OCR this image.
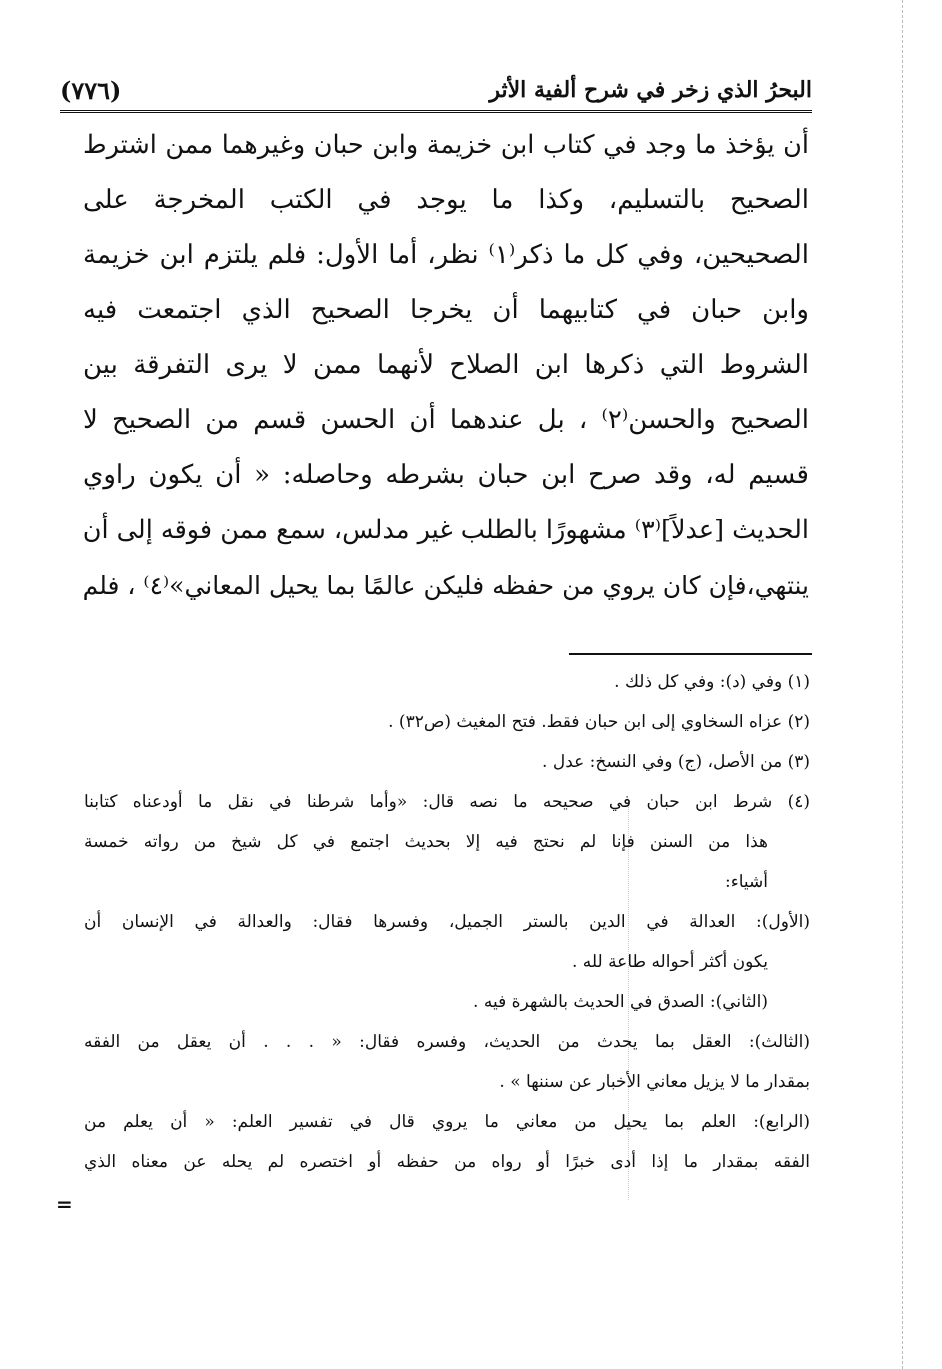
البحرُ الذي زخر في شرح ألفية الأثر
(٧٧٦)
أن يؤخذ ما وجد في كتاب ابن خزيمة وابن حبان وغيرهما ممن اشترط
الصحيح بالتسليم، وكذا ما يوجد في الكتب المخرجة على
الصحيحين، وفي كل ما ذكر⁽١⁾ نظر، أما الأول: فلم يلتزم ابن خزيمة
وابن حبان في كتابيهما أن يخرجا الصحيح الذي اجتمعت فيه
الشروط التي ذكرها ابن الصلاح لأنهما ممن لا يرى التفرقة بين
الصحيح والحسن⁽٢⁾ ، بل عندهما أن الحسن قسم من الصحيح لا
قسيم له، وقد صرح ابن حبان بشرطه وحاصله: « أن يكون راوي
الحديث [عدلاً]⁽٣⁾ مشهورًا بالطلب غير مدلس، سمع ممن فوقه إلى أن
ينتهي،فإن كان يروي من حفظه فليكن عالمًا بما يحيل المعاني»⁽٤⁾ ، فلم
(١) وفي (د): وفي كل ذلك .
(٢) عزاه السخاوي إلى ابن حبان فقط. فتح المغيث (ص٣٢) .
(٣) من الأصل، (ج) وفي النسخ: عدل .
(٤) شرط ابن حبان في صحيحه ما نصه قال: «وأما شرطنا في نقل ما أودعناه كتابنا
هذا من السنن فإنا لم نحتج فيه إلا بحديث اجتمع في كل شيخ من رواته خمسة
أشياء:
(الأول): العدالة في الدين بالستر الجميل، وفسرها فقال: والعدالة في الإنسان أن
يكون أكثر أحواله طاعة لله .
(الثاني): الصدق في الحديث بالشهرة فيه .
(الثالث): العقل بما يحدث من الحديث، وفسره فقال: « . . . أن يعقل من الفقه
بمقدار ما لا يزيل معاني الأخبار عن سننها » .
(الرابع): العلم بما يحيل من معاني ما يروي قال في تفسير العلم: « أن يعلم من
الفقه بمقدار ما إذا أدى خبرًا أو رواه من حفظه أو اختصره لم يحله عن معناه الذي
=
